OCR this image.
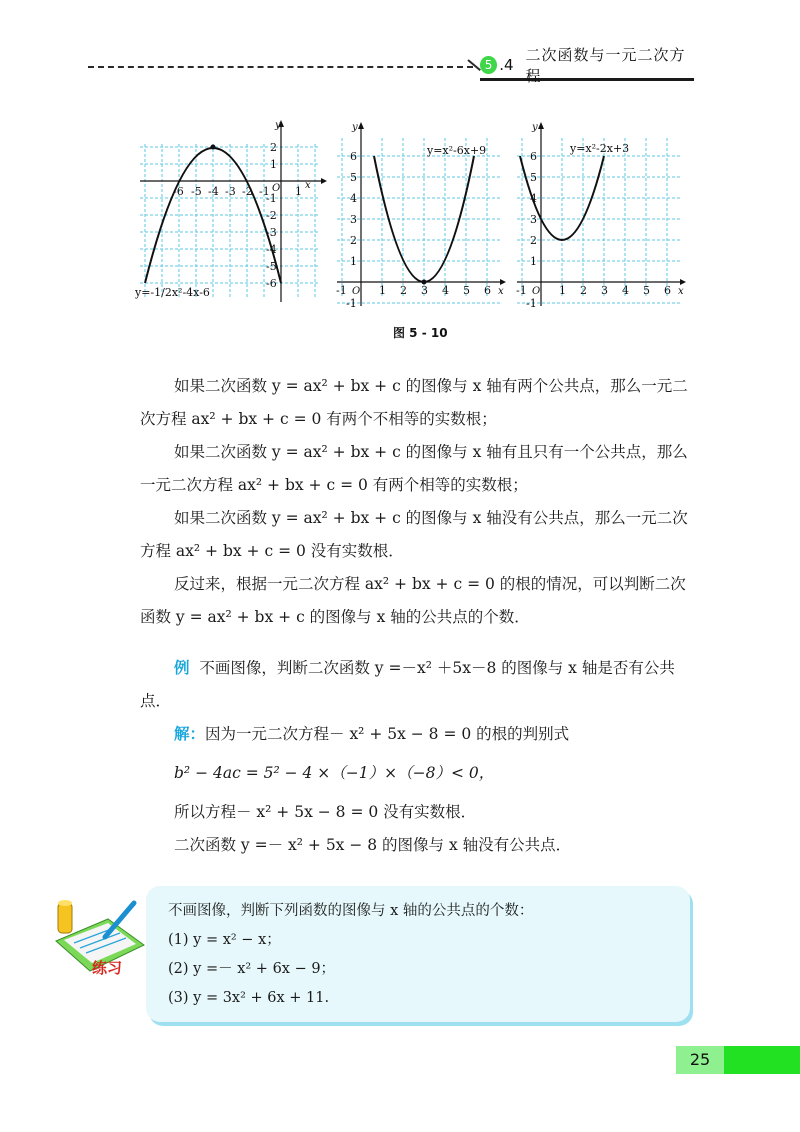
5 .4
二次函数与一元二次方程
x
y
-6 -5 -4 -3 -2 -1 O 1
2
1
-1
-2
-3
-4
-5
-6
y=-1/2x²-4x-6	x
y
-1 O 1 2 3 4 5 6
6
5
4
3
2
1
-1
y=x²-6x+9
x
y
-1 O 1 2 3 4 5 6
6
5
4
3
2
1
-1
y=x²-2x+3
图 5 - 10

如果二次函数 y = ax² + bx + c 的图像与 x 轴有两个公共点，那么一元二次方程 ax² + bx + c = 0 有两个不相等的实数根；

如果二次函数 y = ax² + bx + c 的图像与 x 轴有且只有一个公共点，那么一元二次方程 ax² + bx + c = 0 有两个相等的实数根；

如果二次函数 y = ax² + bx + c 的图像与 x 轴没有公共点，那么一元二次方程 ax² + bx + c = 0 没有实数根．

反过来，根据一元二次方程 ax² + bx + c = 0 的根的情况，可以判断二次函数 y = ax² + bx + c 的图像与 x 轴的公共点的个数．

例 不画图像，判断二次函数 y =－x² ＋5x－8 的图像与 x 轴是否有公共点．

解：因为一元二次方程－ x² + 5x − 8 = 0 的根的判别式

b² − 4ac = 5² − 4 ×（−1）×（−8）< 0，

所以方程－ x² + 5x − 8 = 0 没有实数根．

二次函数 y =－ x² + 5x − 8 的图像与 x 轴没有公共点．

练习
不画图像，判断下列函数的图像与 x 轴的公共点的个数：
(1) y = x² − x；
(2) y =－ x² + 6x − 9；
(3) y = 3x² + 6x + 11.
25
